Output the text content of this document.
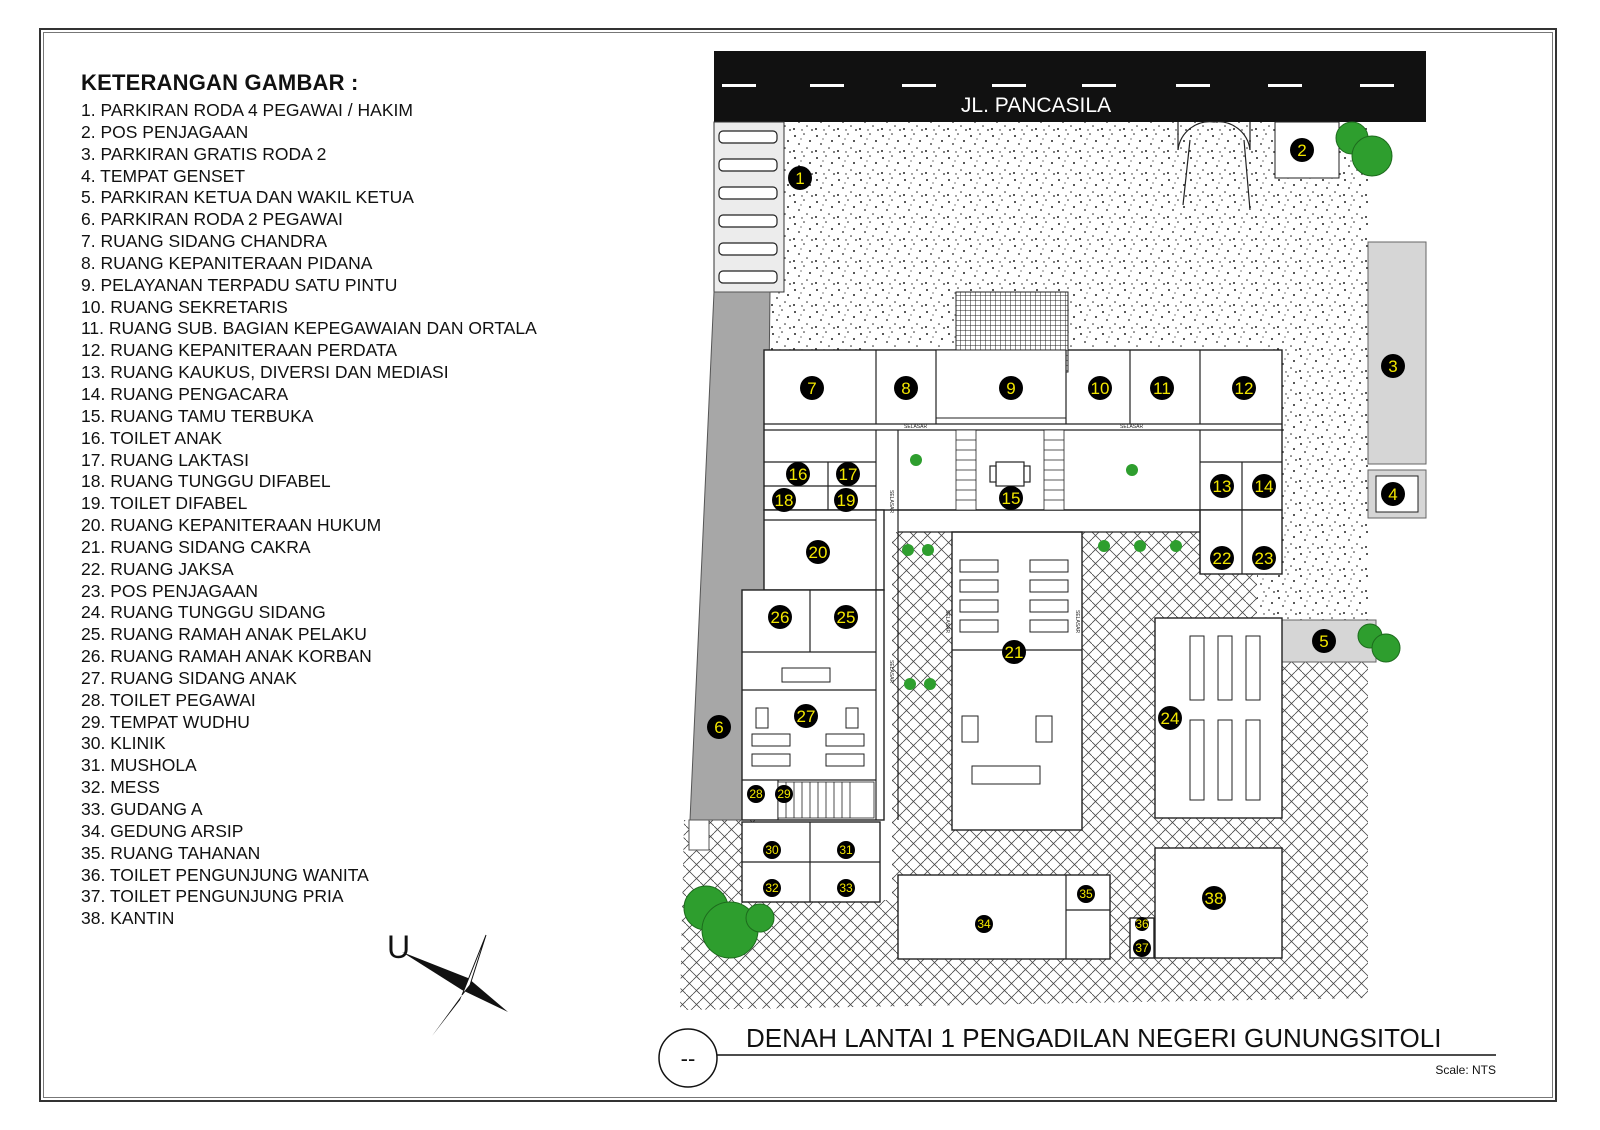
KETERANGAN GAMBAR :
1. PARKIRAN RODA 4 PEGAWAI / HAKIM
2. POS PENJAGAAN
3. PARKIRAN GRATIS RODA 2
4. TEMPAT GENSET
5. PARKIRAN KETUA DAN WAKIL KETUA
6. PARKIRAN RODA 2 PEGAWAI
7. RUANG SIDANG CHANDRA
8. RUANG KEPANITERAAN PIDANA
9. PELAYANAN TERPADU SATU PINTU
10. RUANG SEKRETARIS
11. RUANG SUB. BAGIAN KEPEGAWAIAN DAN ORTALA
12. RUANG KEPANITERAAN PERDATA
13. RUANG KAUKUS, DIVERSI DAN MEDIASI
14. RUANG PENGACARA
15. RUANG TAMU TERBUKA
16. TOILET ANAK
17. RUANG LAKTASI
18. RUANG TUNGGU DIFABEL
19. TOILET DIFABEL
20. RUANG KEPANITERAAN HUKUM
21. RUANG SIDANG CAKRA
22. RUANG JAKSA
23. POS PENJAGAAN
24. RUANG TUNGGU SIDANG
25. RUANG RAMAH ANAK PELAKU
26. RUANG RAMAH ANAK KORBAN
27. RUANG SIDANG ANAK
28. TOILET PEGAWAI
29. TEMPAT WUDHU
30. KLINIK
31. MUSHOLA
32. MESS
33. GUDANG A
34. GEDUNG ARSIP
35. RUANG TAHANAN
36. TOILET PENGUNJUNG WANITA
37. TOILET PENGUNJUNG PRIA
38. KANTIN
JL. PANCASILA
SELASAR	SELASAR
SELASAR
SELASAR
SELASAR	SELASAR
1
2
3
4
5
6
7	8	9	10	11	12
13 14
15
16 17
18	19
20
21
22 23
24
25
26
27
28 29
30	31
32	33
34
35
36
37
38
U
--
DENAH LANTAI 1 PENGADILAN NEGERI GUNUNGSITOLI
Scale: NTS
